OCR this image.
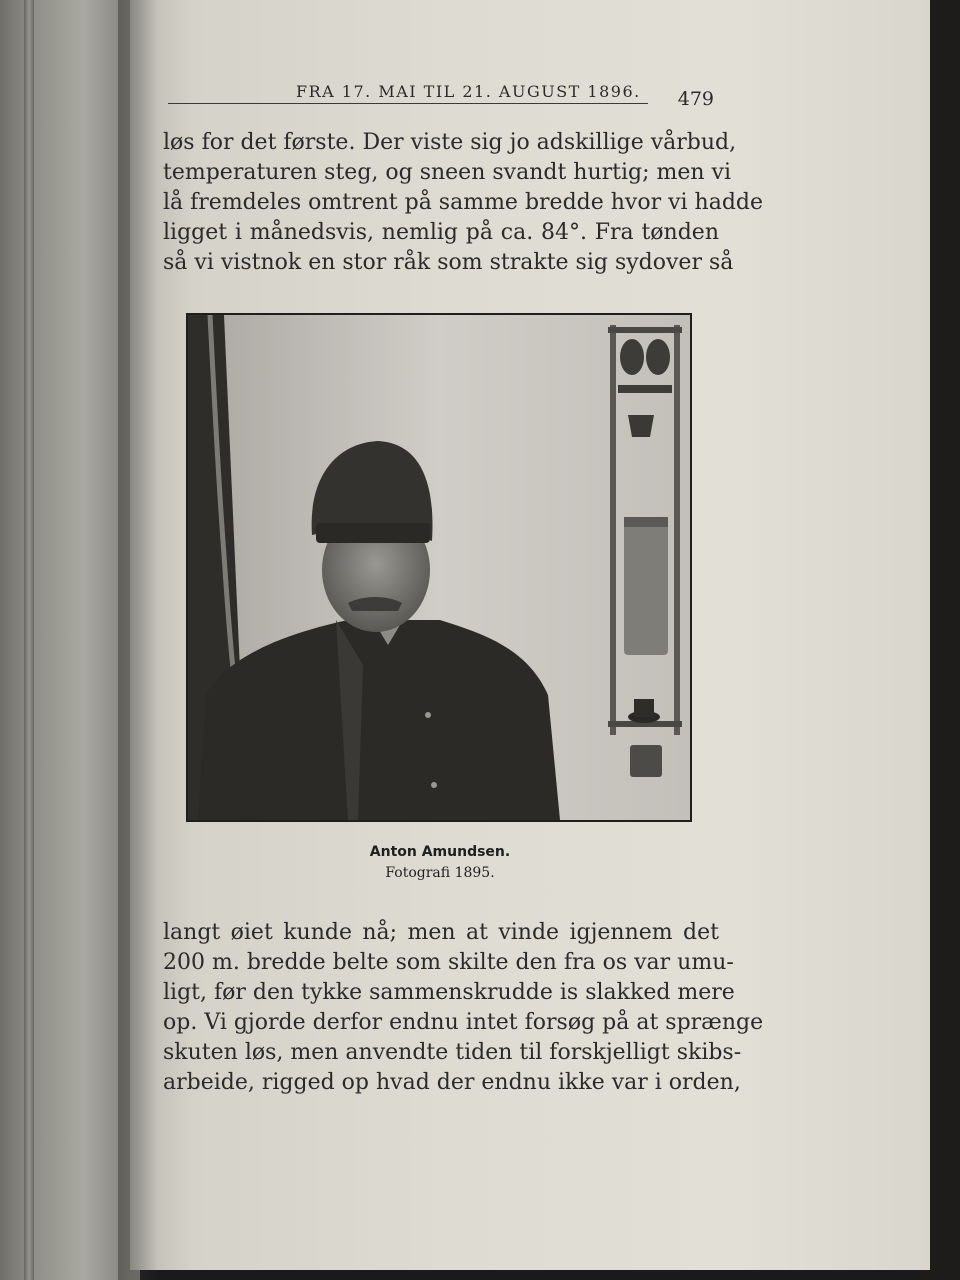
FRA 17. MAI TIL 21. AUGUST 1896. 479

løs for det første. Der viste sig jo adskillige vårbud,
temperaturen steg, og sneen svandt hurtig; men vi
lå fremdeles omtrent på samme bredde hvor vi hadde
ligget i månedsvis, nemlig på ca. 84°. Fra tønden
så vi vistnok en stor råk som strakte sig sydover så

Anton Amundsen.
Fotografi 1895.

langt øiet kunde nå; men at vinde igjennem det
200 m. bredde belte som skilte den fra os var umu-
ligt, før den tykke sammenskrudde is slakked mere
op. Vi gjorde derfor endnu intet forsøg på at sprænge
skuten løs, men anvendte tiden til forskjelligt skibs-
arbeide, rigged op hvad der endnu ikke var i orden,
